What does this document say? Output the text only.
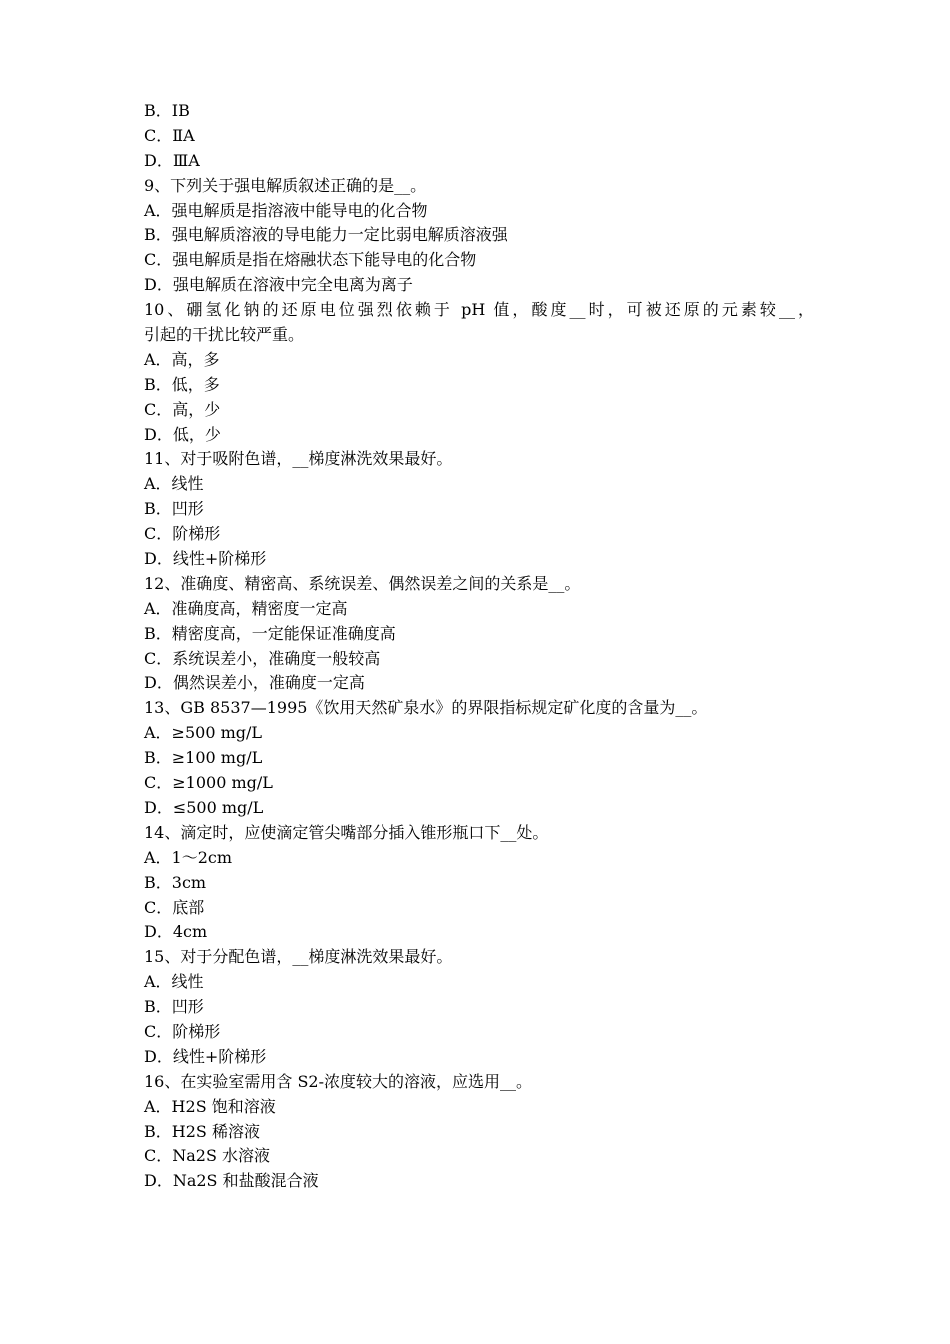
B．ⅠB
C．ⅡA
D．ⅢA
9、下列关于强电解质叙述正确的是__。
A．强电解质是指溶液中能导电的化合物
B．强电解质溶液的导电能力一定比弱电解质溶液强
C．强电解质是指在熔融状态下能导电的化合物
D．强电解质在溶液中完全电离为离子
10、硼氢化钠的还原电位强烈依赖于 pH 值，酸度__时，可被还原的元素较__，
引起的干扰比较严重。
A．高，多
B．低，多
C．高，少
D．低，少
11、对于吸附色谱，__梯度淋洗效果最好。
A．线性
B．凹形
C．阶梯形
D．线性+阶梯形
12、准确度、精密高、系统误差、偶然误差之间的关系是__。
A．准确度高，精密度一定高
B．精密度高，一定能保证准确度高
C．系统误差小，准确度一般较高
D．偶然误差小，准确度一定高
13、GB 8537—1995《饮用天然矿泉水》的界限指标规定矿化度的含量为__。
A．≥500 mg/L
B．≥100 mg/L
C．≥1000 mg/L
D．≤500 mg/L
14、滴定时，应使滴定管尖嘴部分插入锥形瓶口下__处。
A．1～2cm
B．3cm
C．底部
D．4cm
15、对于分配色谱，__梯度淋洗效果最好。
A．线性
B．凹形
C．阶梯形
D．线性+阶梯形
16、在实验室需用含 S2-浓度较大的溶液，应选用__。
A．H2S 饱和溶液
B．H2S 稀溶液
C．Na2S 水溶液
D．Na2S 和盐酸混合液
